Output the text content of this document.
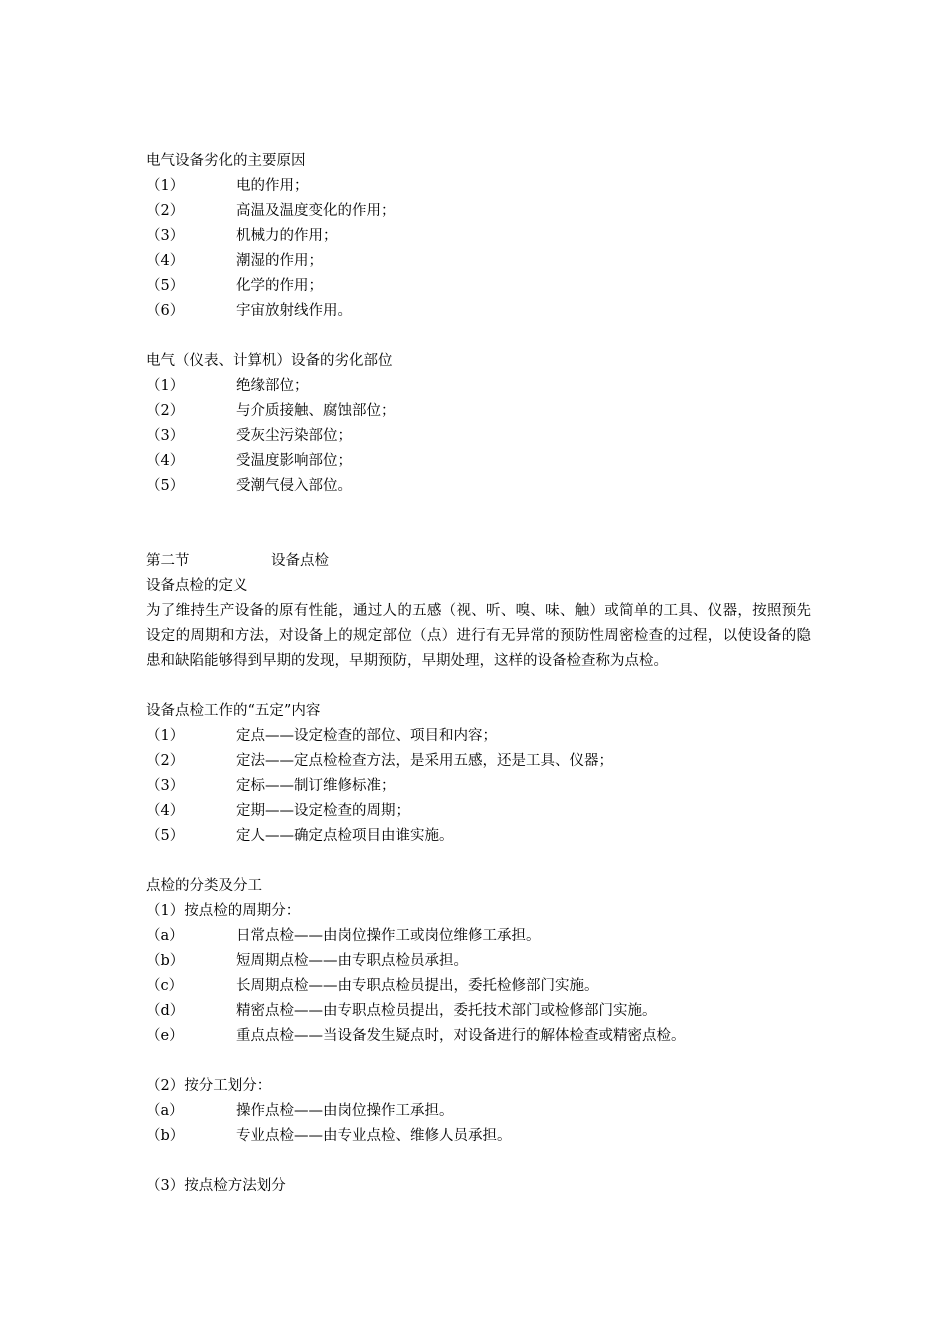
电气设备劣化的主要原因
（1）	电的作用；
（2）	高温及温度变化的作用；
（3）	机械力的作用；
（4）	潮湿的作用；
（5）	化学的作用；
（6）	宇宙放射线作用。
电气（仪表、计算机）设备的劣化部位
（1）	绝缘部位；
（2）	与介质接触、腐蚀部位；
（3）	受灰尘污染部位；
（4）	受温度影响部位；
（5）	受潮气侵入部位。
第二节	设备点检
设备点检的定义
为了维持生产设备的原有性能，通过人的五感（视、听、嗅、味、触）或简单的工具、仪器，按照预先设定的周期和方法，对设备上的规定部位（点）进行有无异常的预防性周密检查的过程，以使设备的隐患和缺陷能够得到早期的发现，早期预防，早期处理，这样的设备检查称为点检。
设备点检工作的“五定”内容
（1）	定点——设定检查的部位、项目和内容；
（2）	定法——定点检检查方法，是采用五感，还是工具、仪器；
（3）	定标——制订维修标准；
（4）	定期——设定检查的周期；
（5）	定人——确定点检项目由谁实施。
点检的分类及分工
（1）按点检的周期分：
（a）	日常点检——由岗位操作工或岗位维修工承担。
（b）	短周期点检——由专职点检员承担。
（c）	长周期点检——由专职点检员提出，委托检修部门实施。
（d）	精密点检——由专职点检员提出，委托技术部门或检修部门实施。
（e）	重点点检——当设备发生疑点时，对设备进行的解体检查或精密点检。
（2）按分工划分：
（a）	操作点检——由岗位操作工承担。
（b）	专业点检——由专业点检、维修人员承担。
（3）按点检方法划分
